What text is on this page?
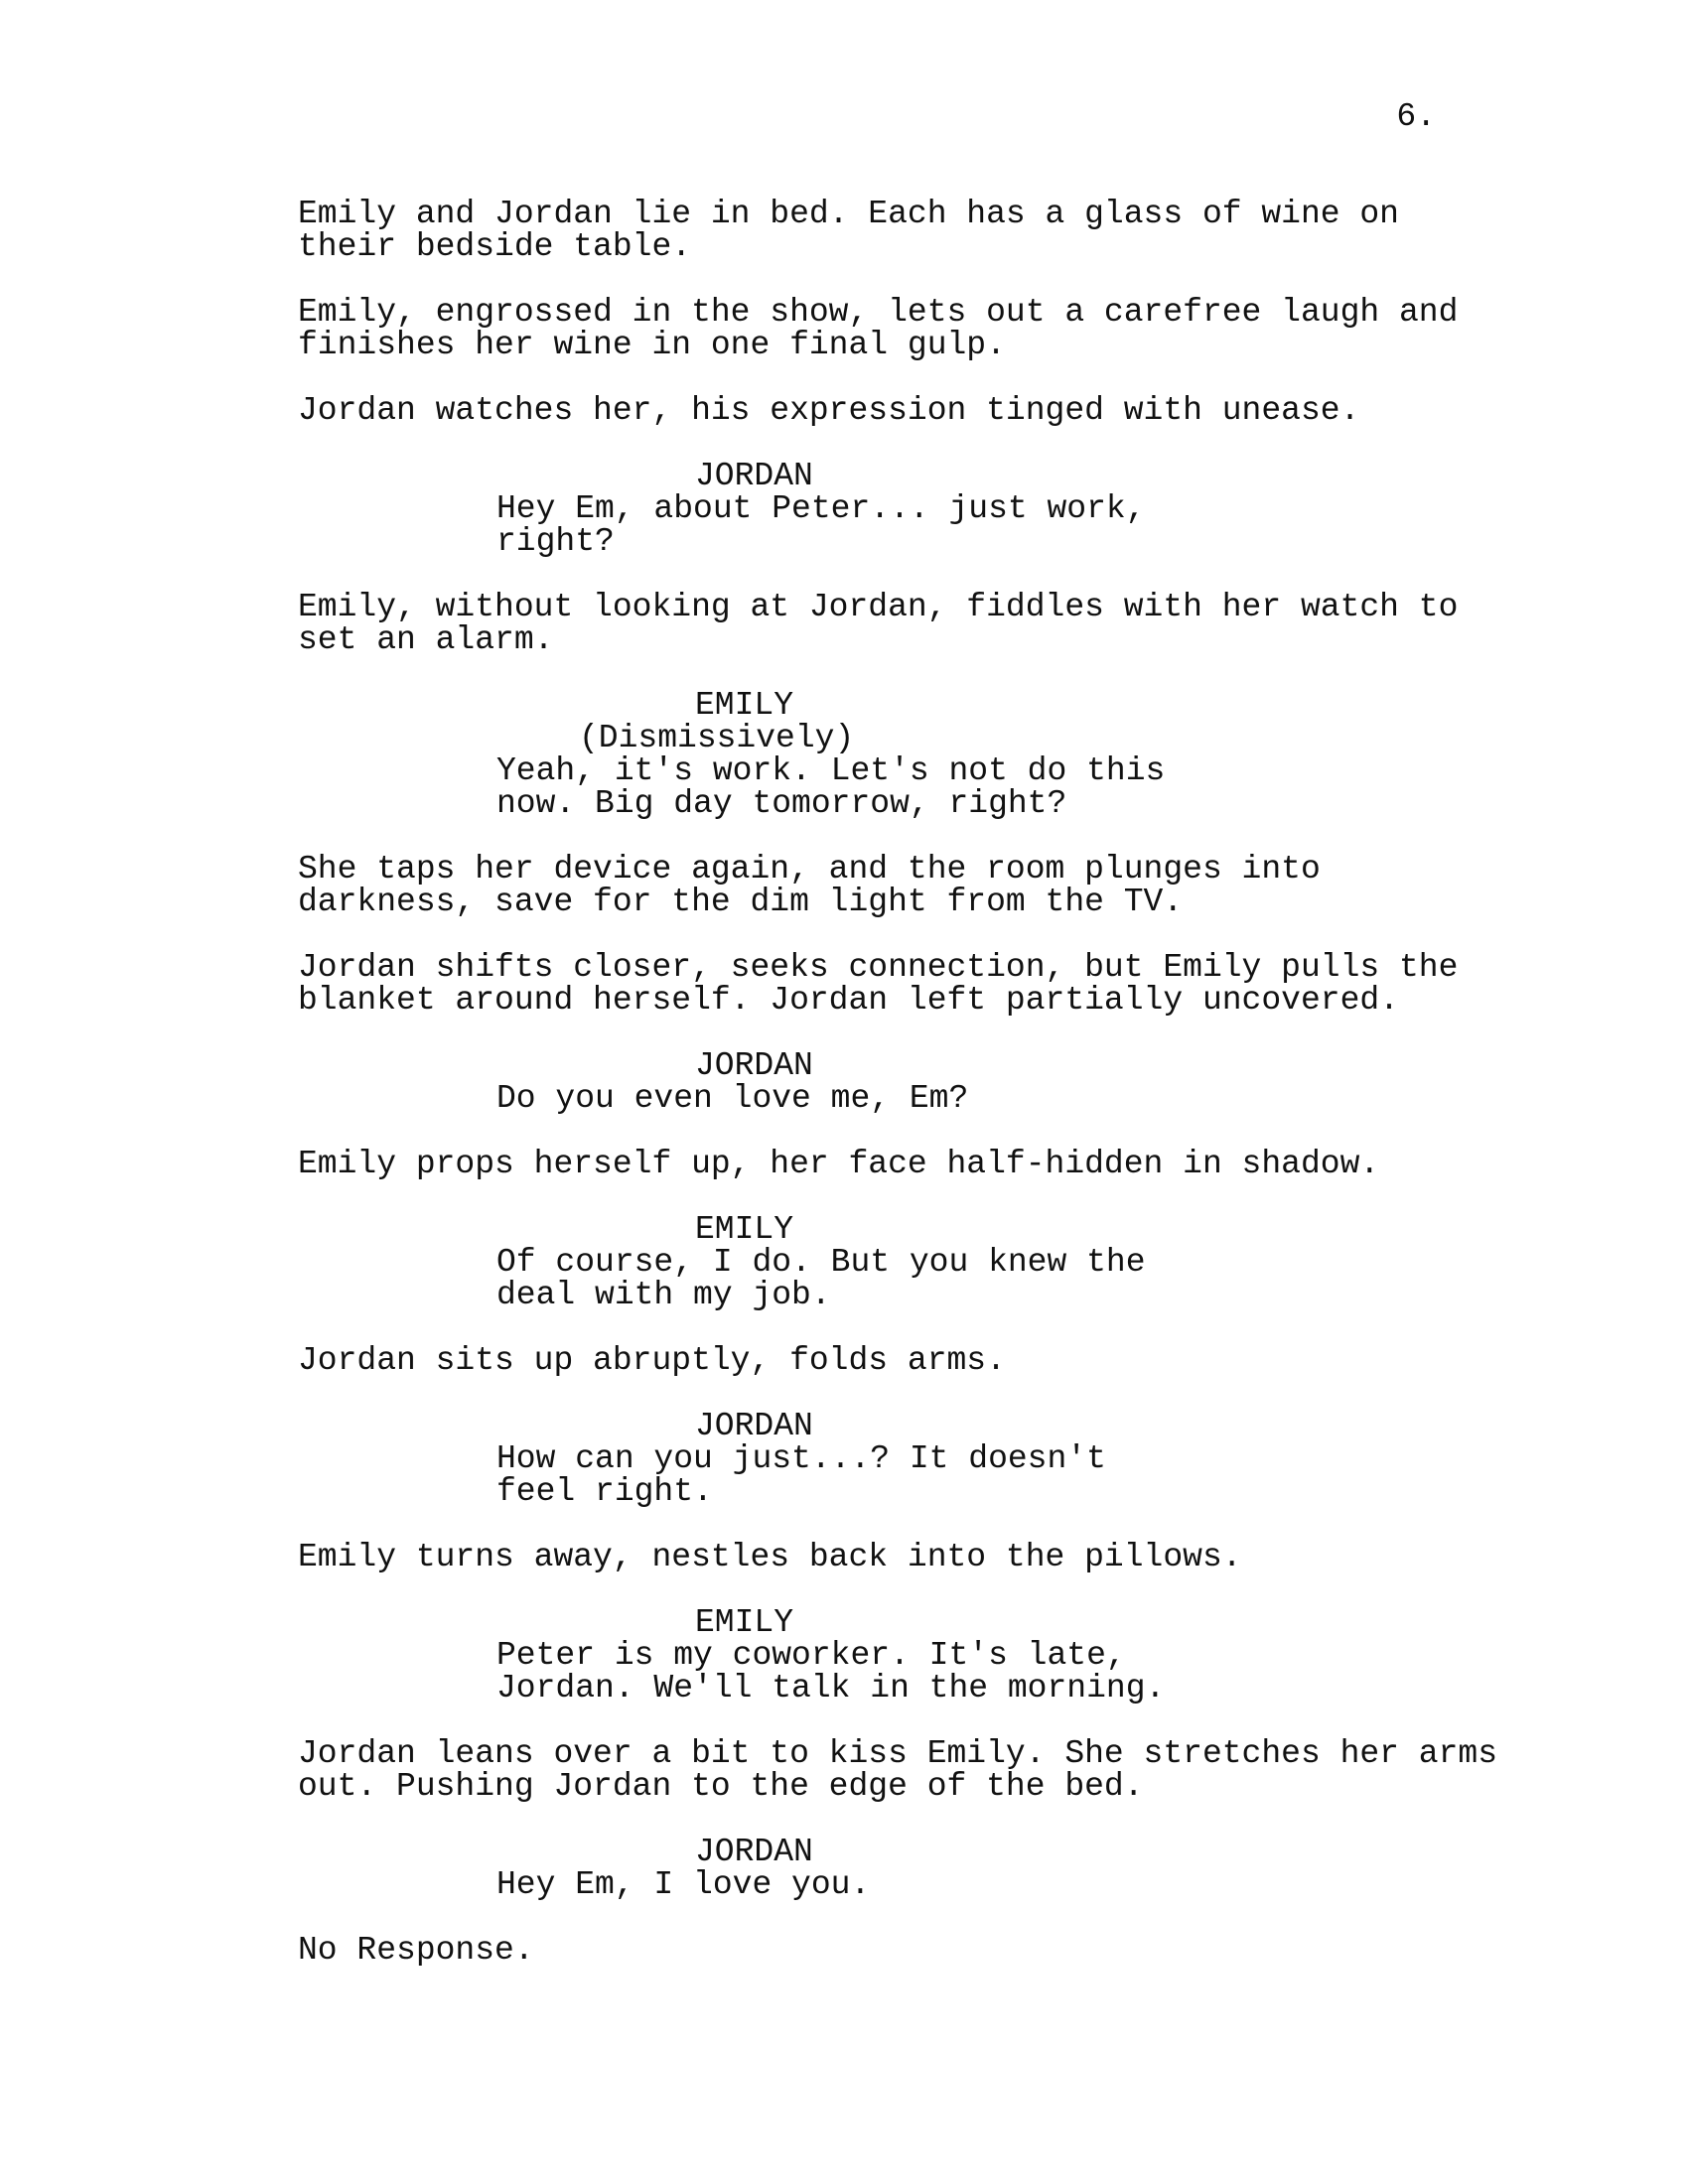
6.
Emily and Jordan lie in bed. Each has a glass of wine on
their bedside table.
Emily, engrossed in the show, lets out a carefree laugh and
finishes her wine in one final gulp.
Jordan watches her, his expression tinged with unease.
JORDAN
Hey Em, about Peter... just work,
right?
Emily, without looking at Jordan, fiddles with her watch to
set an alarm.
EMILY
(Dismissively)
Yeah, it's work. Let's not do this
now. Big day tomorrow, right?
She taps her device again, and the room plunges into
darkness, save for the dim light from the TV.
Jordan shifts closer, seeks connection, but Emily pulls the
blanket around herself. Jordan left partially uncovered.
JORDAN
Do you even love me, Em?
Emily props herself up, her face half-hidden in shadow.
EMILY
Of course, I do. But you knew the
deal with my job.
Jordan sits up abruptly, folds arms.
JORDAN
How can you just...? It doesn't
feel right.
Emily turns away, nestles back into the pillows.
EMILY
Peter is my coworker. It's late,
Jordan. We'll talk in the morning.
Jordan leans over a bit to kiss Emily. She stretches her arms
out. Pushing Jordan to the edge of the bed.
JORDAN
Hey Em, I love you.
No Response.
